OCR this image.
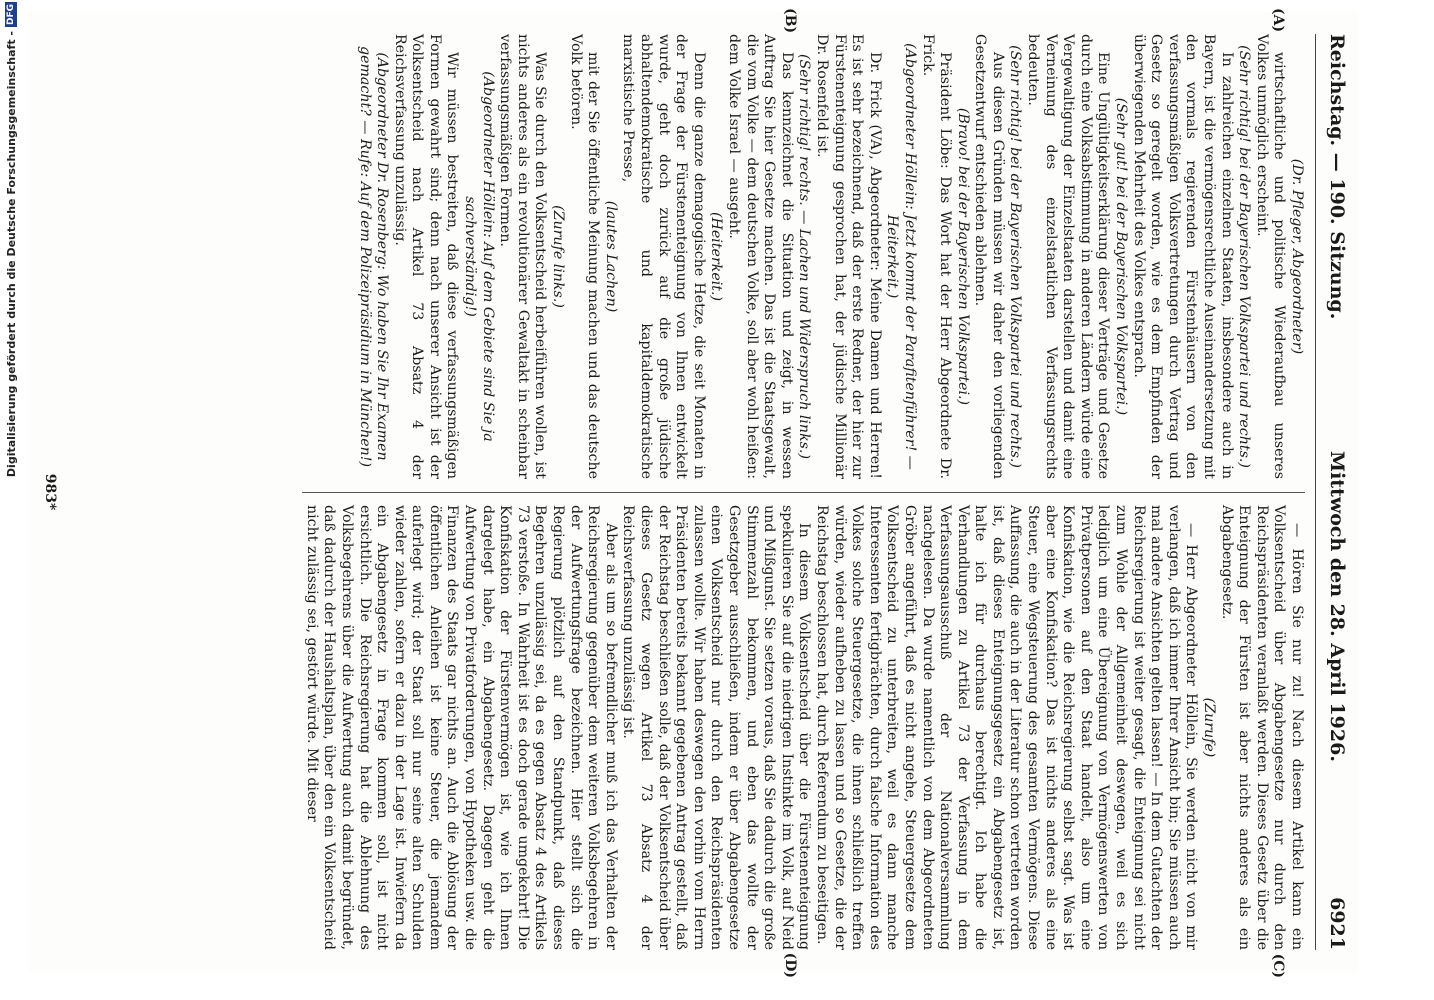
Reichstag. — 190. Sitzung.
Mittwoch den 28. April 1926.
6921
(A)
(B)
(C)
(D)

(Dr. Pfleger, Abgeordneter)

wirtschaftliche und politische Wiederaufbau unseres Volkes unmöglich erscheint.

(Sehr richtig! bei der Bayerischen Volkspartei und rechts.)

In zahlreichen einzelnen Staaten, insbesondere auch in Bayern, ist die vermögensrechtliche Auseinandersetzung mit den vormals regierenden Fürstenhäusern von den verfassungsmäßigen Volksvertretungen durch Vertrag und Gesetz so geregelt worden, wie es dem Empfinden der überwiegenden Mehrheit des Volkes entsprach.

(Sehr gut! bei der Bayerischen Volkspartei.)

Eine Ungültigkeitserklärung dieser Verträge und Gesetze durch eine Volksabstimmung in anderen Ländern würde eine Vergewaltigung der Einzelstaaten darstellen und damit eine Verneinung des einzelstaatlichen Verfassungsrechts bedeuten.

(Sehr richtig! bei der Bayerischen Volkspartei und rechts.)

Aus diesen Gründen müssen wir daher den vorliegenden Gesetzentwurf entschieden ablehnen.

(Bravo! bei der Bayerischen Volkspartei.)

Präsident Löbe: Das Wort hat der Herr Abgeordnete Dr. Frick.

(Abgeordneter Höllein: Jetzt kommt der Parafitenführer! — Heiterkeit.)

Dr. Frick (VA), Abgeordneter: Meine Damen und Herren! Es ist sehr bezeichnend, daß der erste Redner, der hier zur Fürstenenteignung gesprochen hat, der jüdische Millionär Dr. Rosenfeld ist.

(Sehr richtig! rechts. — Lachen und Widerspruch links.)

Das kennzeichnet die Situation und zeigt, in wessen Auftrag Sie hier Gesetze machen. Das ist die Staatsgewalt, die vom Volke — dem deutschen Volke, soll aber wohl heißen: dem Volke Israel — ausgeht.

(Heiterkeit.)

Denn die ganze demagogische Hetze, die seit Monaten in der Frage der Fürstenenteignung von Ihnen entwickelt wurde, geht doch zurück auf die große jüdische abhaltendemokratische und kapitaldemokratische marxistische Presse,

(lautes Lachen)

mit der Sie öffentliche Meinung machen und das deutsche Volk betören.

(Zurufe links.)

Was Sie durch den Volksentscheid herbeiführen wollen, ist nichts anderes als ein revolutionärer Gewaltakt in scheinbar verfassungsmäßigen Formen.

(Abgeordneter Höllein: Auf dem Gebiete sind Sie ja sachverständig!)

Wir müssen bestreiten, daß diese verfassungsmäßigen Formen gewahrt sind; denn nach unserer Ansicht ist der Volksentscheid nach Artikel 73 Absatz 4 der Reichsverfassung unzulässig.

(Abgeordneter Dr. Rosenberg: Wo haben Sie Ihr Examen gemacht? — Rufe: Auf dem Polizeipräsidium in München!)

— Hören Sie nur zu! Nach diesem Artikel kann ein Volksentscheid über Abgabengesetze nur durch den Reichspräsidenten veranlaßt werden. Dieses Gesetz über die Enteignung der Fürsten ist aber nichts anderes als ein Abgabengesetz.

(Zurufe)

— Herr Abgeordneter Höllein, Sie werden nicht von mir verlangen, daß ich immer Ihrer Ansicht bin; Sie müssen auch mal andere Ansichten gelten lassen! — In dem Gutachten der Reichsregierung ist weiter gesagt, die Enteignung sei nicht zum Wohle der Allgemeinheit deswegen, weil es sich lediglich um eine Übereignung von Vermögenswerten von Privatpersonen auf den Staat handelt, also um eine Konfiskation, wie die Reichsregierung selbst sagt. Was ist aber eine Konfiskation? Das ist nichts anderes als eine Steuer, eine Wegsteuerung des gesamten Vermögens. Diese Auffassung, die auch in der Literatur schon vertreten worden ist, daß dieses Enteignungsgesetz ein Abgabengesetz ist, halte ich für durchaus berechtigt. Ich habe die Verhandlungen zu Artikel 73 der Verfassung in dem Verfassungsausschuß der Nationalversammlung nachgelesen. Da wurde namentlich von dem Abgeordneten Gröber angeführt, daß es nicht angehe, Steuergesetze dem Volksentscheid zu unterbreiten, weil es dann manche Interessenten fertigbrächten, durch falsche Information des Volkes solche Steuergesetze, die ihnen schließlich treffen würden, wieder aufheben zu lassen und so Gesetze, die der Reichstag beschlossen hat, durch Referendum zu beseitigen.

In diesem Volksentscheid über die Fürstenenteignung spekulieren Sie auf die niedrigen Instinkte im Volk, auf Neid und Mißgunst. Sie setzen voraus, daß Sie dadurch die große Stimmenzahl bekommen, und eben das wollte der Gesetzgeber ausschließen, indem er über Abgabengesetze einen Volksentscheid nur durch den Reichspräsidenten zulassen wollte. Wir haben deswegen den vorhin vom Herrn Präsidenten bereits bekannt gegebenen Antrag gestellt, daß der Reichstag beschließen solle, daß der Volksentscheid über dieses Gesetz wegen Artikel 73 Absatz 4 der Reichsverfassung unzulässig ist.

Aber als um so befremdlicher muß ich das Verhalten der Reichsregierung gegenüber dem weiteren Volksbegehren in der Aufwertungsfrage bezeichnen. Hier stellt sich die Regierung plötzlich auf den Standpunkt, daß dieses Begehren unzulässig sei, da es gegen Absatz 4 des Artikels 73 verstoße. In Wahrheit ist es doch gerade umgekehrt! Die Konfiskation der Fürstenvermögen ist, wie ich Ihnen dargelegt habe, ein Abgabengesetz. Dagegen geht die Aufwertung von Privatforderungen, von Hypotheken usw. die Finanzen des Staats gar nichts an. Auch die Ablösung der öffentlichen Anleihen ist keine Steuer, die jemandem auferlegt wird; der Staat soll nur seine alten Schulden wieder zahlen, sofern er dazu in der Lage ist. Inwiefern da ein Abgabengesetz in Frage kommen soll, ist nicht ersichtlich. Die Reichsregierung hat die Ablehnung des Volksbegehrens über die Aufwertung auch damit begründet, daß dadurch der Haushaltsplan, über den ein Volksentscheid nicht zulässig sei, gestört würde. Mit dieser

983*
Digitalisierung gefördert durch die Deutsche Forschungsgemeinschaft -
DFG
